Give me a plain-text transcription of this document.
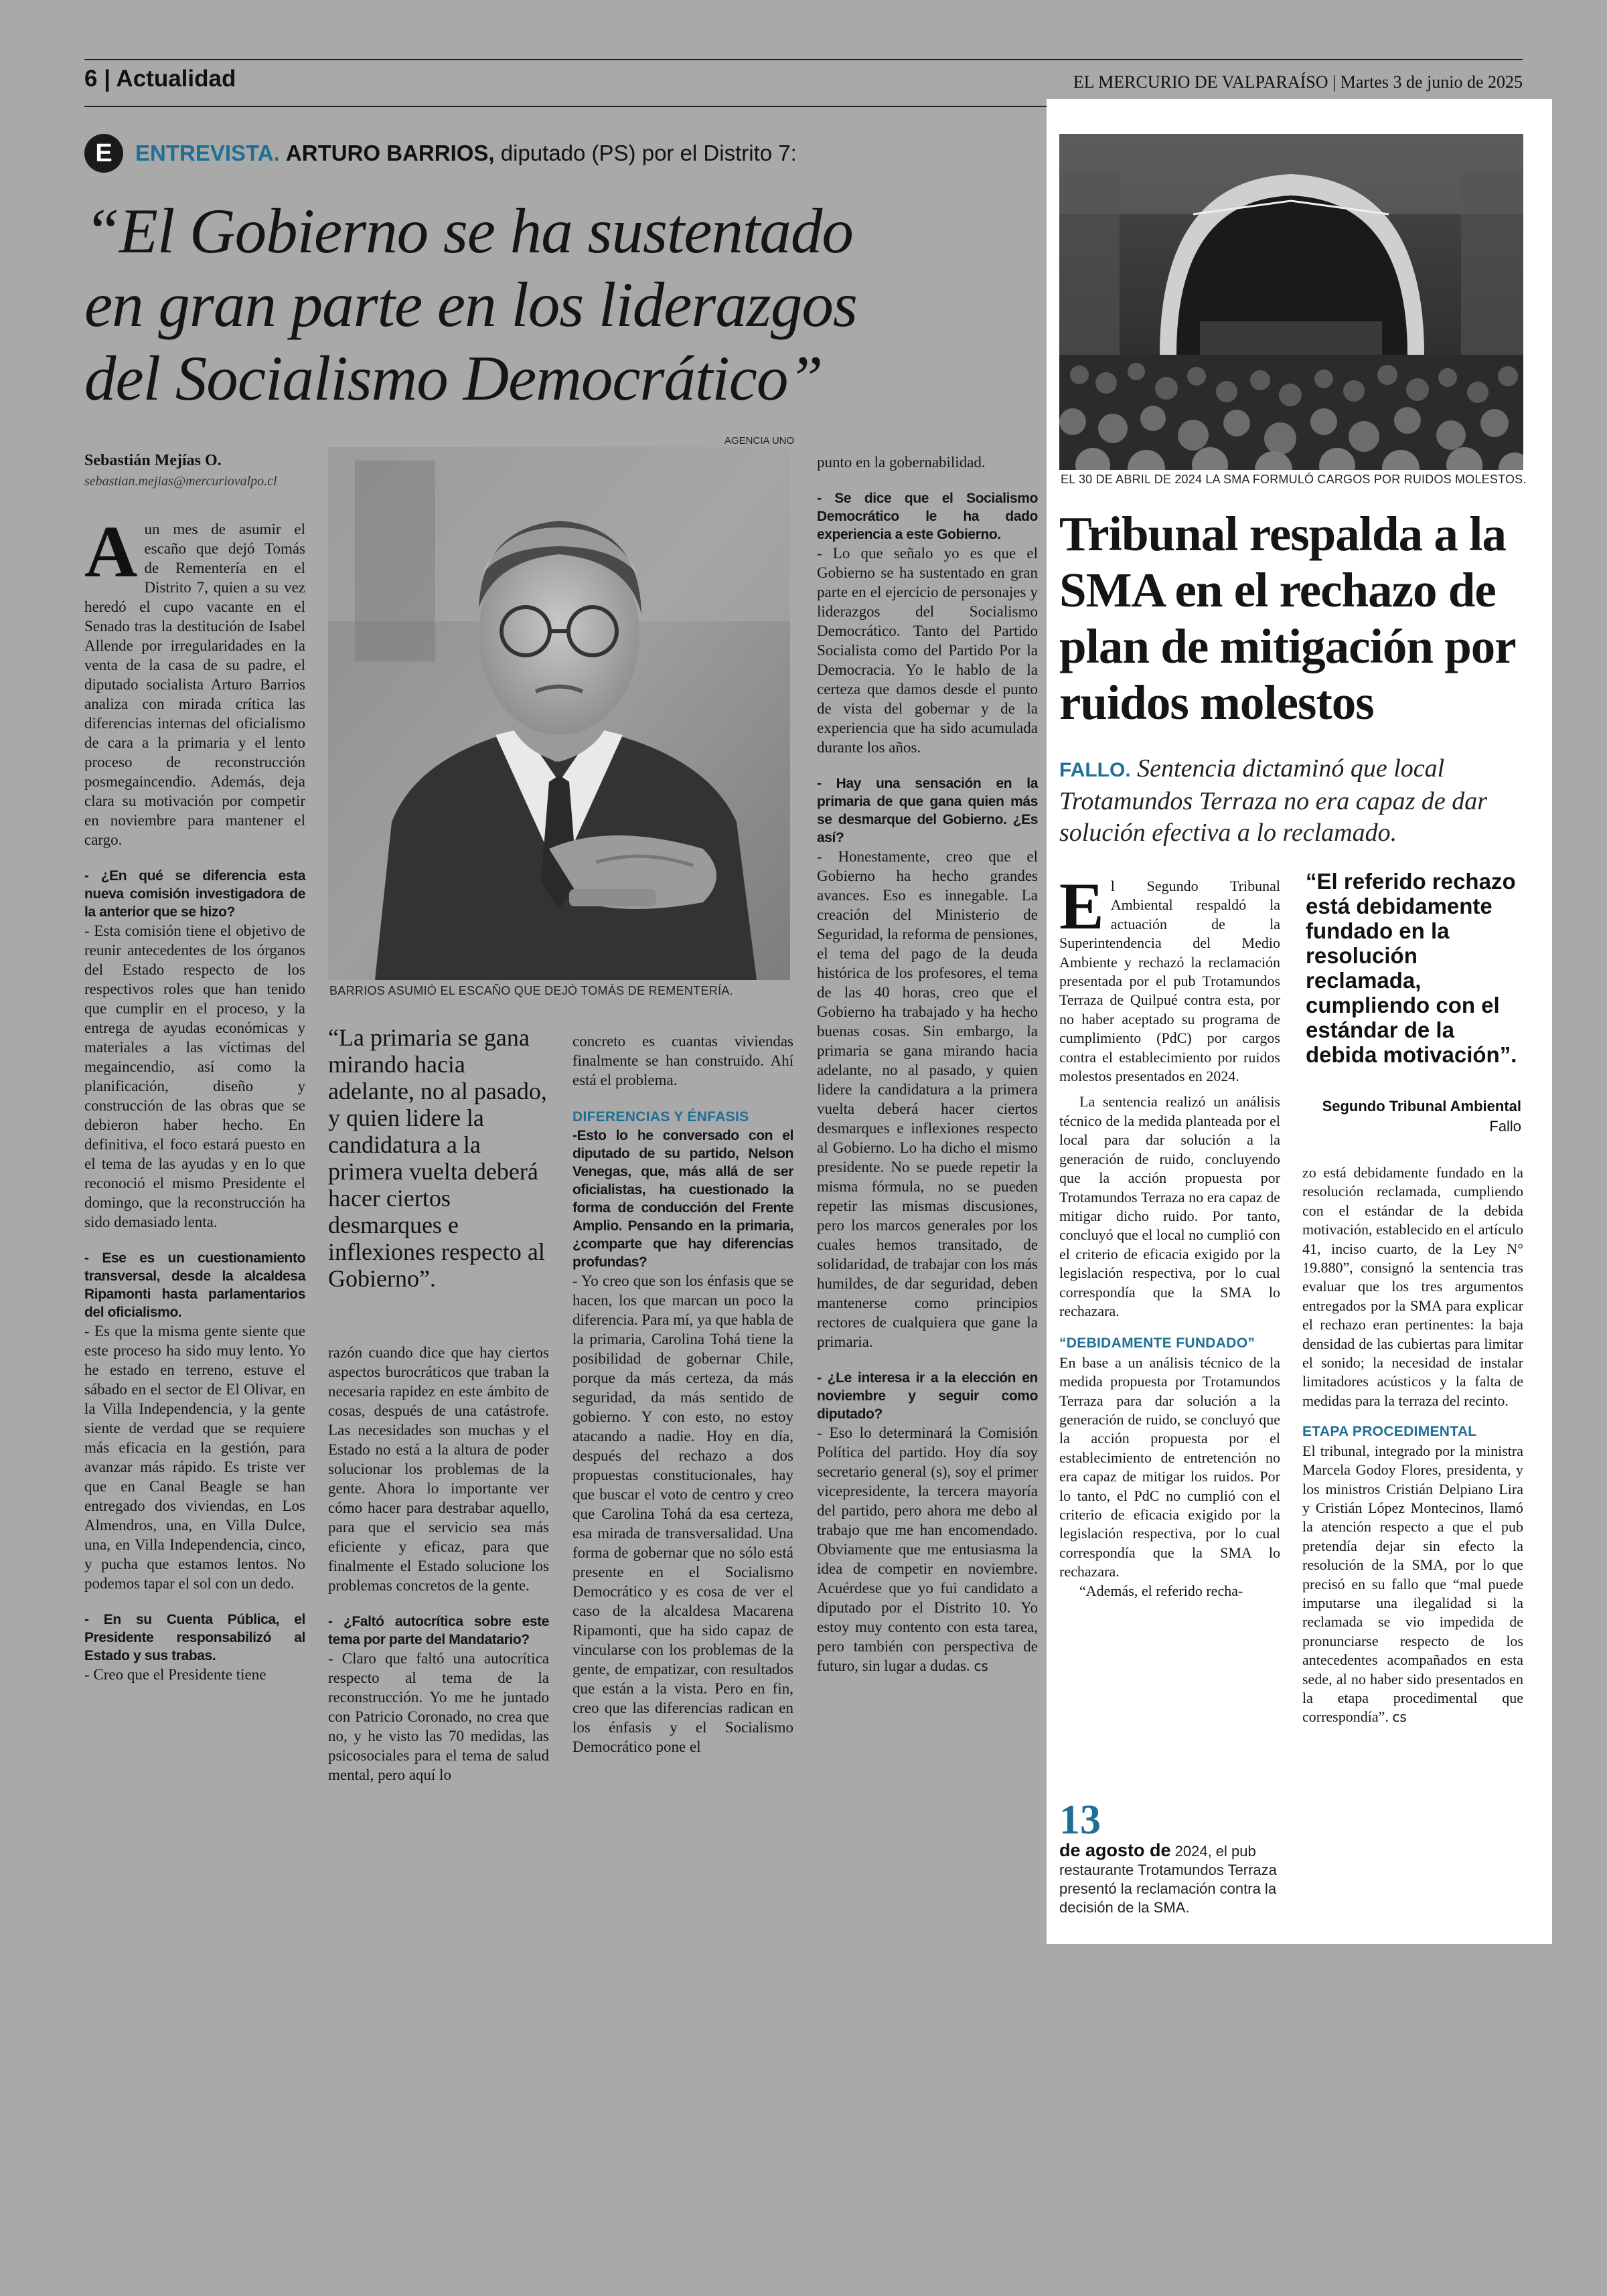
6 | Actualidad	EL MERCURIO DE VALPARAÍSO | Martes 3 de junio de 2025
E	ENTREVISTA. ARTURO BARRIOS, diputado (PS) por el Distrito 7:
“El Gobierno se ha sustentado
en gran parte en los liderazgos
del Socialismo Democrático”
AGENCIA UNO
Sebastián Mejías O.
sebastian.mejias@mercuriovalpo.cl

Aun mes de asumir el escaño que dejó Tomás de Rementería en el Distrito 7, quien a su vez heredó el cupo vacante en el Senado tras la destitución de Isabel Allende por irregularidades en la venta de la casa de su padre, el diputado socialista Arturo Barrios analiza con mirada crítica las diferencias internas del oficialismo de cara a la primaria y el lento proceso de reconstrucción posmegaincendio. Además, deja clara su motivación por competir en noviembre para mantener el cargo.

- ¿En qué se diferencia esta nueva comisión investigadora de la anterior que se hizo?

- Esta comisión tiene el objetivo de reunir antecedentes de los órganos del Estado respecto de los respectivos roles que han tenido que cumplir en el proceso, y la entrega de ayudas económicas y materiales a las víctimas del megaincendio, así como la planificación, diseño y construcción de las obras que se debieron haber hecho. En definitiva, el foco estará puesto en el tema de las ayudas y en lo que reconoció el mismo Presidente el domingo, que la reconstrucción ha sido demasiado lenta.

- Ese es un cuestionamiento transversal, desde la alcaldesa Ripamonti hasta parlamentarios del oficialismo.

- Es que la misma gente siente que este proceso ha sido muy lento. Yo he estado en terreno, estuve el sábado en el sector de El Olivar, en la Villa Independencia, y la gente siente de verdad que se requiere más eficacia en la gestión, para avanzar más rápido. Es triste ver que en Canal Beagle se han entregado dos viviendas, en Los Almendros, una, en Villa Dulce, una, en Villa Independencia, cinco, y pucha que estamos lentos. No podemos tapar el sol con un dedo.

- En su Cuenta Pública, el Presidente responsabilizó al Estado y sus trabas.

- Creo que el Presidente tiene

BARRIOS ASUMIÓ EL ESCAÑO QUE DEJÓ TOMÁS DE REMENTERÍA.
“La primaria se gana mirando hacia adelante, no al pasado, y quien lidere la candidatura a la primera vuelta deberá hacer ciertos desmarques e inflexiones respecto al Gobierno”.

razón cuando dice que hay ciertos aspectos burocráticos que traban la necesaria rapidez en este ámbito de cosas, después de una catástrofe. Las necesidades son muchas y el Estado no está a la altura de poder solucionar los problemas de la gente. Ahora lo importante ver cómo hacer para destrabar aquello, para que el servicio sea más eficiente y eficaz, para que finalmente el Estado solucione los problemas concretos de la gente.

- ¿Faltó autocrítica sobre este tema por parte del Mandatario?

- Claro que faltó una autocrítica respecto al tema de la reconstrucción. Yo me he juntado con Patricio Coronado, no crea que no, y he visto las 70 medidas, las psicosociales para el tema de salud mental, pero aquí lo

concreto es cuantas viviendas finalmente se han construido. Ahí está el problema.

DIFERENCIAS Y ÉNFASIS

-Esto lo he conversado con el diputado de su partido, Nelson Venegas, que, más allá de ser oficialistas, ha cuestionado la forma de conducción del Frente Amplio. Pensando en la primaria, ¿comparte que hay diferencias profundas?

- Yo creo que son los énfasis que se hacen, los que marcan un poco la diferencia. Para mí, ya que habla de la primaria, Carolina Tohá tiene la posibilidad de gobernar Chile, porque da más certeza, da más seguridad, da más sentido de gobierno. Y con esto, no estoy atacando a nadie. Hoy en día, después del rechazo a dos propuestas constitucionales, hay que buscar el voto de centro y creo que Carolina Tohá da esa certeza, esa mirada de transversalidad. Una forma de gobernar que no sólo está presente en el Socialismo Democrático y es cosa de ver el caso de la alcaldesa Macarena Ripamonti, que ha sido capaz de vincularse con los problemas de la gente, de empatizar, con resultados que están a la vista. Pero en fin, creo que las diferencias radican en los énfasis y el Socialismo Democrático pone el

punto en la gobernabilidad.

- Se dice que el Socialismo Democrático le ha dado experiencia a este Gobierno.

- Lo que señalo yo es que el Gobierno se ha sustentado en gran parte en el ejercicio de personajes y liderazgos del Socialismo Democrático. Tanto del Partido Socialista como del Partido Por la Democracia. Yo le hablo de la certeza que damos desde el punto de vista del gobernar y de la experiencia que ha sido acumulada durante los años.

- Hay una sensación en la primaria de que gana quien más se desmarque del Gobierno. ¿Es así?

- Honestamente, creo que el Gobierno ha hecho grandes avances. Eso es innegable. La creación del Ministerio de Seguridad, la reforma de pensiones, el tema del pago de la deuda histórica de los profesores, el tema de las 40 horas, creo que el Gobierno ha trabajado y ha hecho buenas cosas. Sin embargo, la primaria se gana mirando hacia adelante, no al pasado, y quien lidere la candidatura a la primera vuelta deberá hacer ciertos desmarques e inflexiones respecto al Gobierno. Lo ha dicho el mismo presidente. No se puede repetir la misma fórmula, no se pueden repetir las mismas discusiones, pero los marcos generales por los cuales hemos transitado, de solidaridad, de trabajar con los más humildes, de dar seguridad, deben mantenerse como principios rectores de cualquiera que gane la primaria.

- ¿Le interesa ir a la elección en noviembre y seguir como diputado?

- Eso lo determinará la Comisión Política del partido. Hoy día soy secretario general (s), soy el primer vicepresidente, la tercera mayoría del partido, pero ahora me debo al trabajo que me han encomendado. Obviamente que me entusiasma la idea de competir en noviembre. Acuérdese que yo fui candidato a diputado por el Distrito 10. Yo estoy muy contento con esta tarea, pero también con perspectiva de futuro, sin lugar a dudas. cs

EL 30 DE ABRIL DE 2024 LA SMA FORMULÓ CARGOS POR RUIDOS MOLESTOS.
Tribunal respalda a la SMA en el rechazo de plan de mitigación por ruidos molestos
FALLO. Sentencia dictaminó que local Trotamundos Terraza no era capaz de dar solución efectiva a lo reclamado.

El Segundo Tribunal Ambiental respaldó la actuación de la Superintendencia del Medio Ambiente y rechazó la reclamación presentada por el pub Trotamundos Terraza de Quilpué contra esta, por no haber aceptado su programa de cumplimiento (PdC) por cargos contra el establecimiento por ruidos molestos presentados en 2024.

La sentencia realizó un análisis técnico de la medida planteada por el local para dar solución a la generación de ruido, concluyendo que la acción propuesta por Trotamundos Terraza no era capaz de mitigar dicho ruido. Por tanto, concluyó que el local no cumplió con el criterio de eficacia exigido por la legislación respectiva, por lo cual correspondía que la SMA lo rechazara.

“DEBIDAMENTE FUNDADO”

En base a un análisis técnico de la medida propuesta por Trotamundos Terraza para dar solución a la generación de ruido, se concluyó que la acción propuesta por el establecimiento de entretención no era capaz de mitigar los ruidos. Por lo tanto, el PdC no cumplió con el criterio de eficacia exigido por la legislación respectiva, por lo cual correspondía que la SMA lo rechazara.

“Además, el referido recha-

“El referido rechazo está debidamente fundado en la resolución reclamada, cumpliendo con el estándar de la debida motivación”.
Segundo Tribunal Ambiental
Fallo
13
de agosto de 2024, el pub restaurante Trotamundos Terraza presentó la reclamación contra la decisión de la SMA.

zo está debidamente fundado en la resolución reclamada, cumpliendo con el estándar de la debida motivación, establecido en el artículo 41, inciso cuarto, de la Ley N° 19.880”, consignó la sentencia tras evaluar que los tres argumentos entregados por la SMA para explicar el rechazo eran pertinentes: la baja densidad de las cubiertas para limitar el sonido; la necesidad de instalar limitadores acústicos y la falta de medidas para la terraza del recinto.

ETAPA PROCEDIMENTAL

El tribunal, integrado por la ministra Marcela Godoy Flores, presidenta, y los ministros Cristián Delpiano Lira y Cristián López Montecinos, llamó la atención respecto a que el pub pretendía dejar sin efecto la resolución de la SMA, por lo que precisó en su fallo que “mal puede imputarse una ilegalidad si la reclamada se vio impedida de pronunciarse respecto de los antecedentes acompañados en esta sede, al no haber sido presentados en la etapa procedimental que correspondía”. cs
